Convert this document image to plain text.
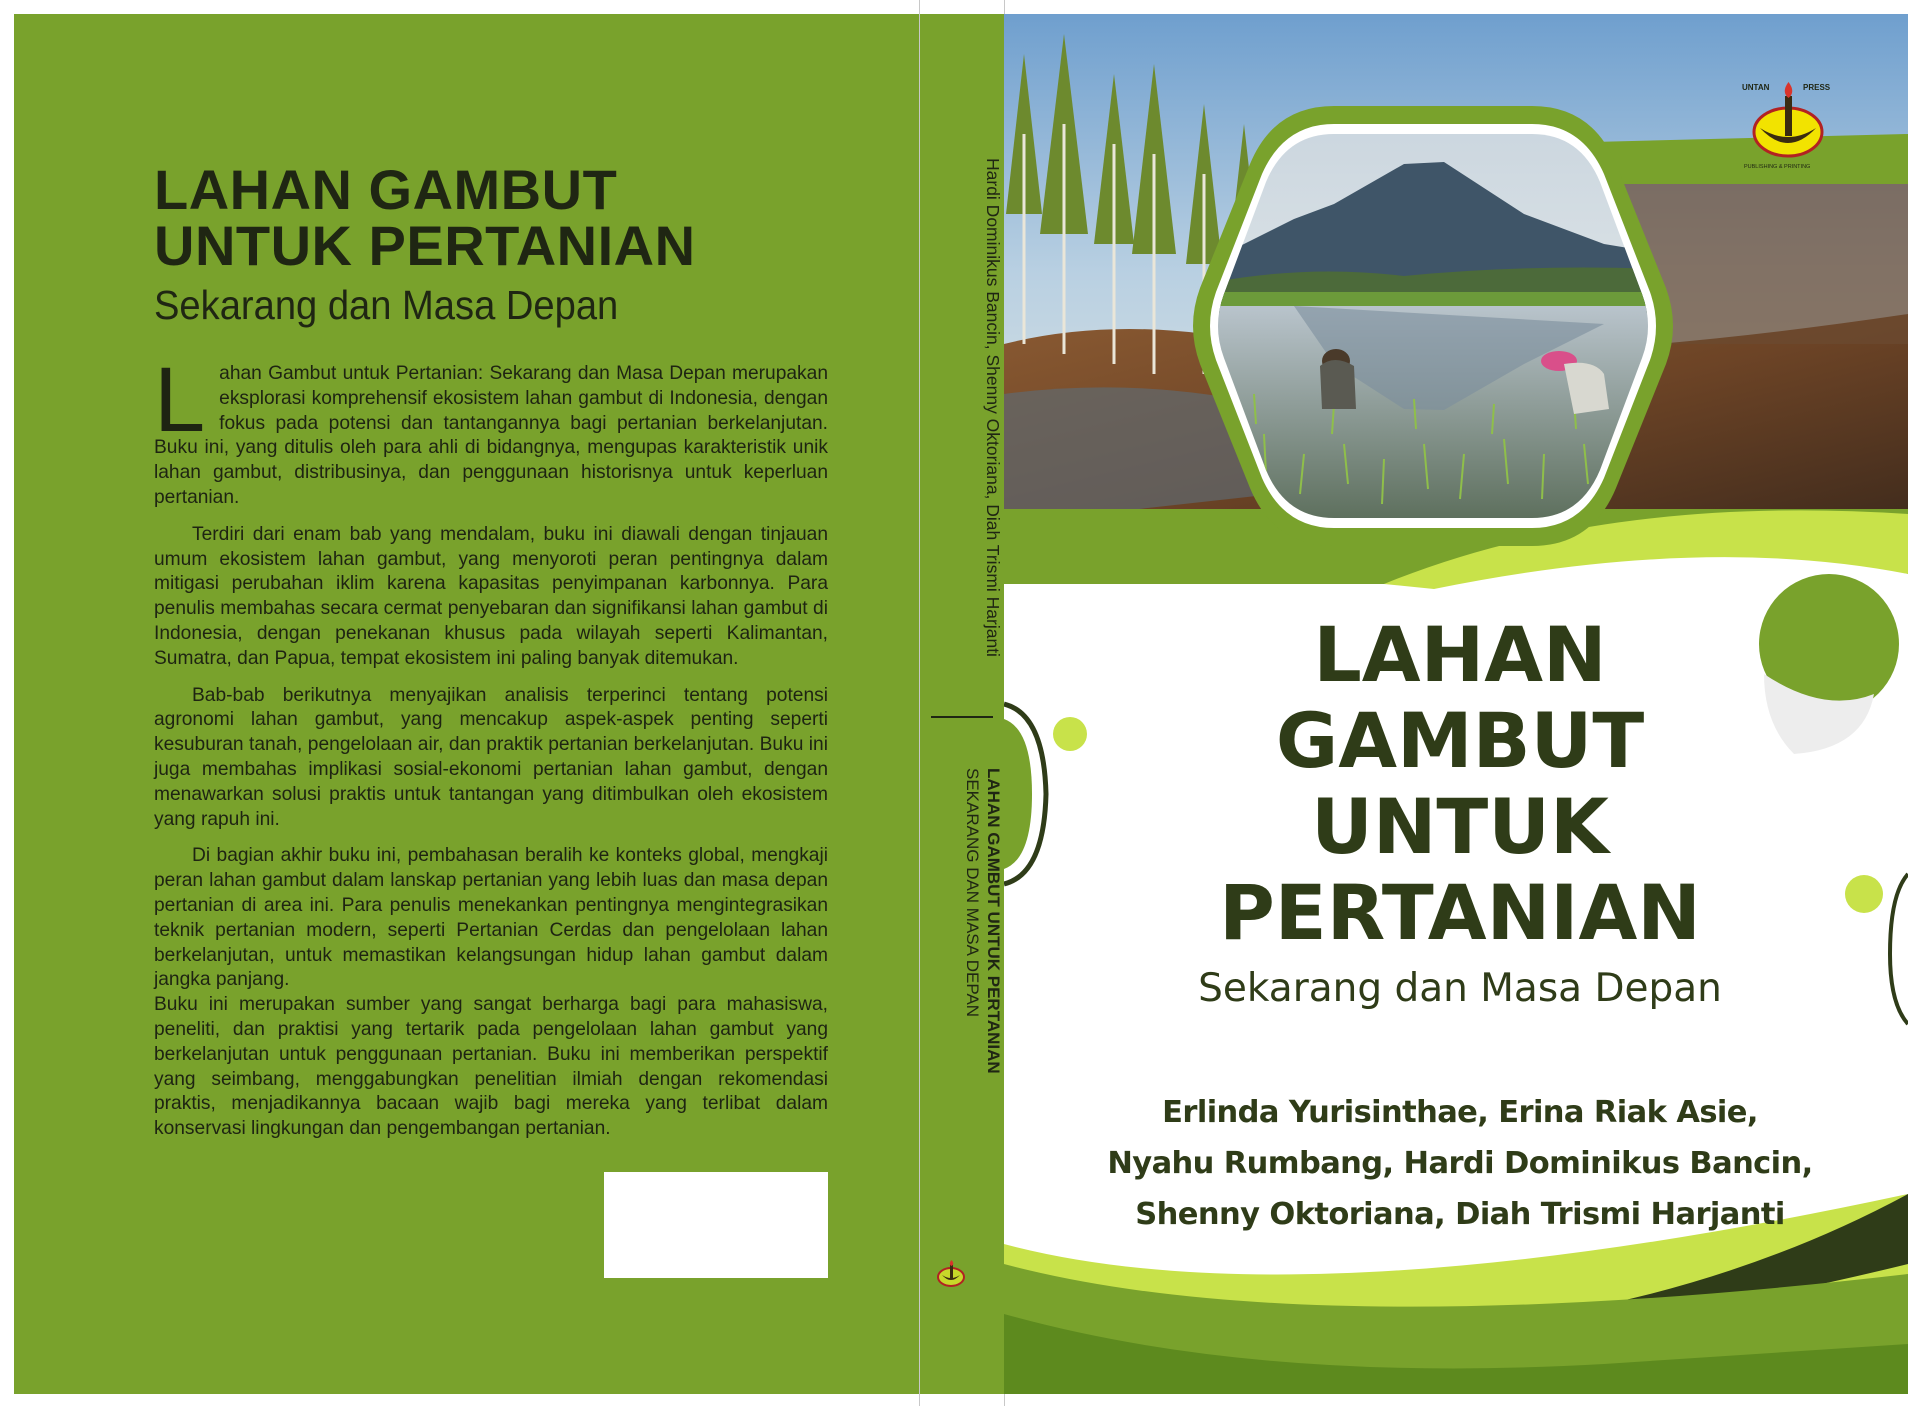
LAHAN GAMBUT
UNTUK PERTANIAN
Sekarang dan Masa Depan

Lahan Gambut untuk Pertanian: Sekarang dan Masa Depan merupakan eksplorasi komprehensif ekosistem lahan gambut di Indonesia, dengan fokus pada potensi dan tantangannya bagi pertanian berkelanjutan. Buku ini, yang ditulis oleh para ahli di bidangnya, mengupas karakteristik unik lahan gambut, distribusinya, dan penggunaan historisnya untuk keperluan pertanian.

Terdiri dari enam bab yang mendalam, buku ini diawali dengan tinjauan umum ekosistem lahan gambut, yang menyoroti peran pentingnya dalam mitigasi perubahan iklim karena kapasitas penyimpanan karbonnya. Para penulis membahas secara cermat penyebaran dan signifikansi lahan gambut di Indonesia, dengan penekanan khusus pada wilayah seperti Kalimantan, Sumatra, dan Papua, tempat ekosistem ini paling banyak ditemukan.

Bab-bab berikutnya menyajikan analisis terperinci tentang potensi agronomi lahan gambut, yang mencakup aspek-aspek penting seperti kesuburan tanah, pengelolaan air, dan praktik pertanian berkelanjutan. Buku ini juga membahas implikasi sosial-ekonomi pertanian lahan gambut, dengan menawarkan solusi praktis untuk tantangan yang ditimbulkan oleh ekosistem yang rapuh ini.

Di bagian akhir buku ini, pembahasan beralih ke konteks global, mengkaji peran lahan gambut dalam lanskap pertanian yang lebih luas dan masa depan pertanian di area ini. Para penulis menekankan pentingnya mengintegrasikan teknik pertanian modern, seperti Pertanian Cerdas dan pengelolaan lahan berkelanjutan, untuk memastikan kelangsungan hidup lahan gambut dalam jangka panjang.

Buku ini merupakan sumber yang sangat berharga bagi para mahasiswa, peneliti, dan praktisi yang tertarik pada pengelolaan lahan gambut yang berkelanjutan untuk penggunaan pertanian. Buku ini memberikan perspektif yang seimbang, menggabungkan penelitian ilmiah dengan rekomendasi praktis, menjadikannya bacaan wajib bagi mereka yang terlibat dalam konservasi lingkungan dan pengembangan pertanian.

Hardi Dominikus Bancin, Shenny Oktoriana, Diah Trismi Harjanti
LAHAN GAMBUT UNTUK PERTANIAN
SEKARANG DAN MASA DEPAN
UNTAN	PRESS
PUBLISHING & PRINTING
LAHAN
GAMBUT
UNTUK
PERTANIAN
Sekarang dan Masa Depan
Erlinda Yurisinthae, Erina Riak Asie,
Nyahu Rumbang, Hardi Dominikus Bancin,
Shenny Oktoriana, Diah Trismi Harjanti
